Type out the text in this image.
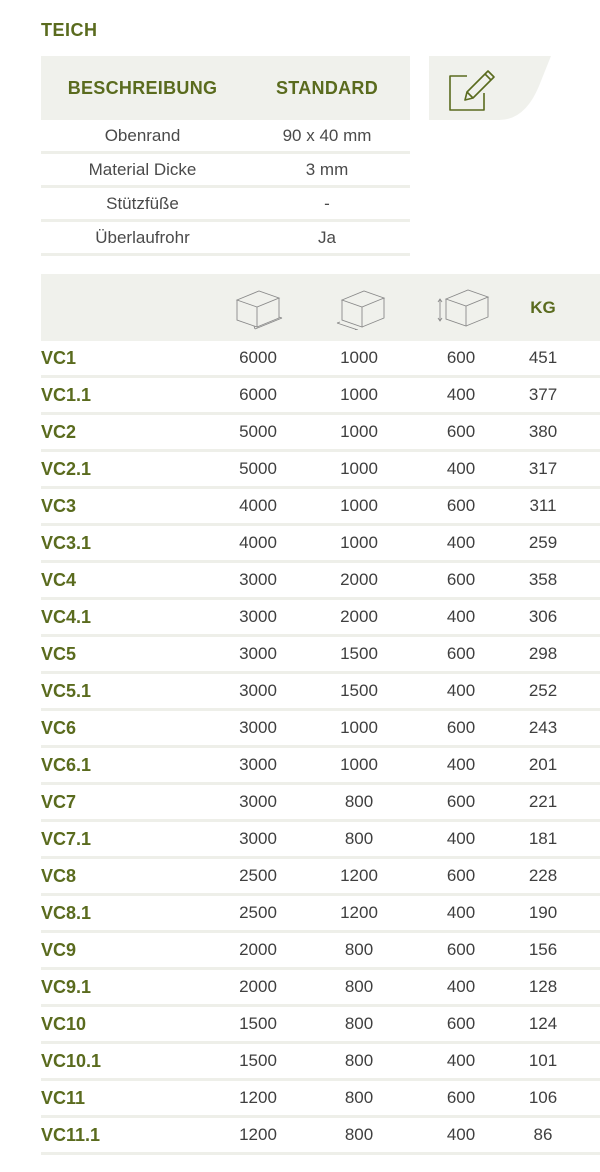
TEICH
BESCHREIBUNG	STANDARD
Obenrand	90 x 40 mm
Material Dicke	3 mm
Stützfüße	-
Überlaufrohr	Ja
KG
VC1	6000	1000	600	451
VC1.1	6000	1000	400	377
VC2	5000	1000	600	380
VC2.1	5000	1000	400	317
VC3	4000	1000	600	311
VC3.1	4000	1000	400	259
VC4	3000	2000	600	358
VC4.1	3000	2000	400	306
VC5	3000	1500	600	298
VC5.1	3000	1500	400	252
VC6	3000	1000	600	243
VC6.1	3000	1000	400	201
VC7	3000	800	600	221
VC7.1	3000	800	400	181
VC8	2500	1200	600	228
VC8.1	2500	1200	400	190
VC9	2000	800	600	156
VC9.1	2000	800	400	128
VC10	1500	800	600	124
VC10.1	1500	800	400	101
VC11	1200	800	600	106
VC11.1	1200	800	400	86
